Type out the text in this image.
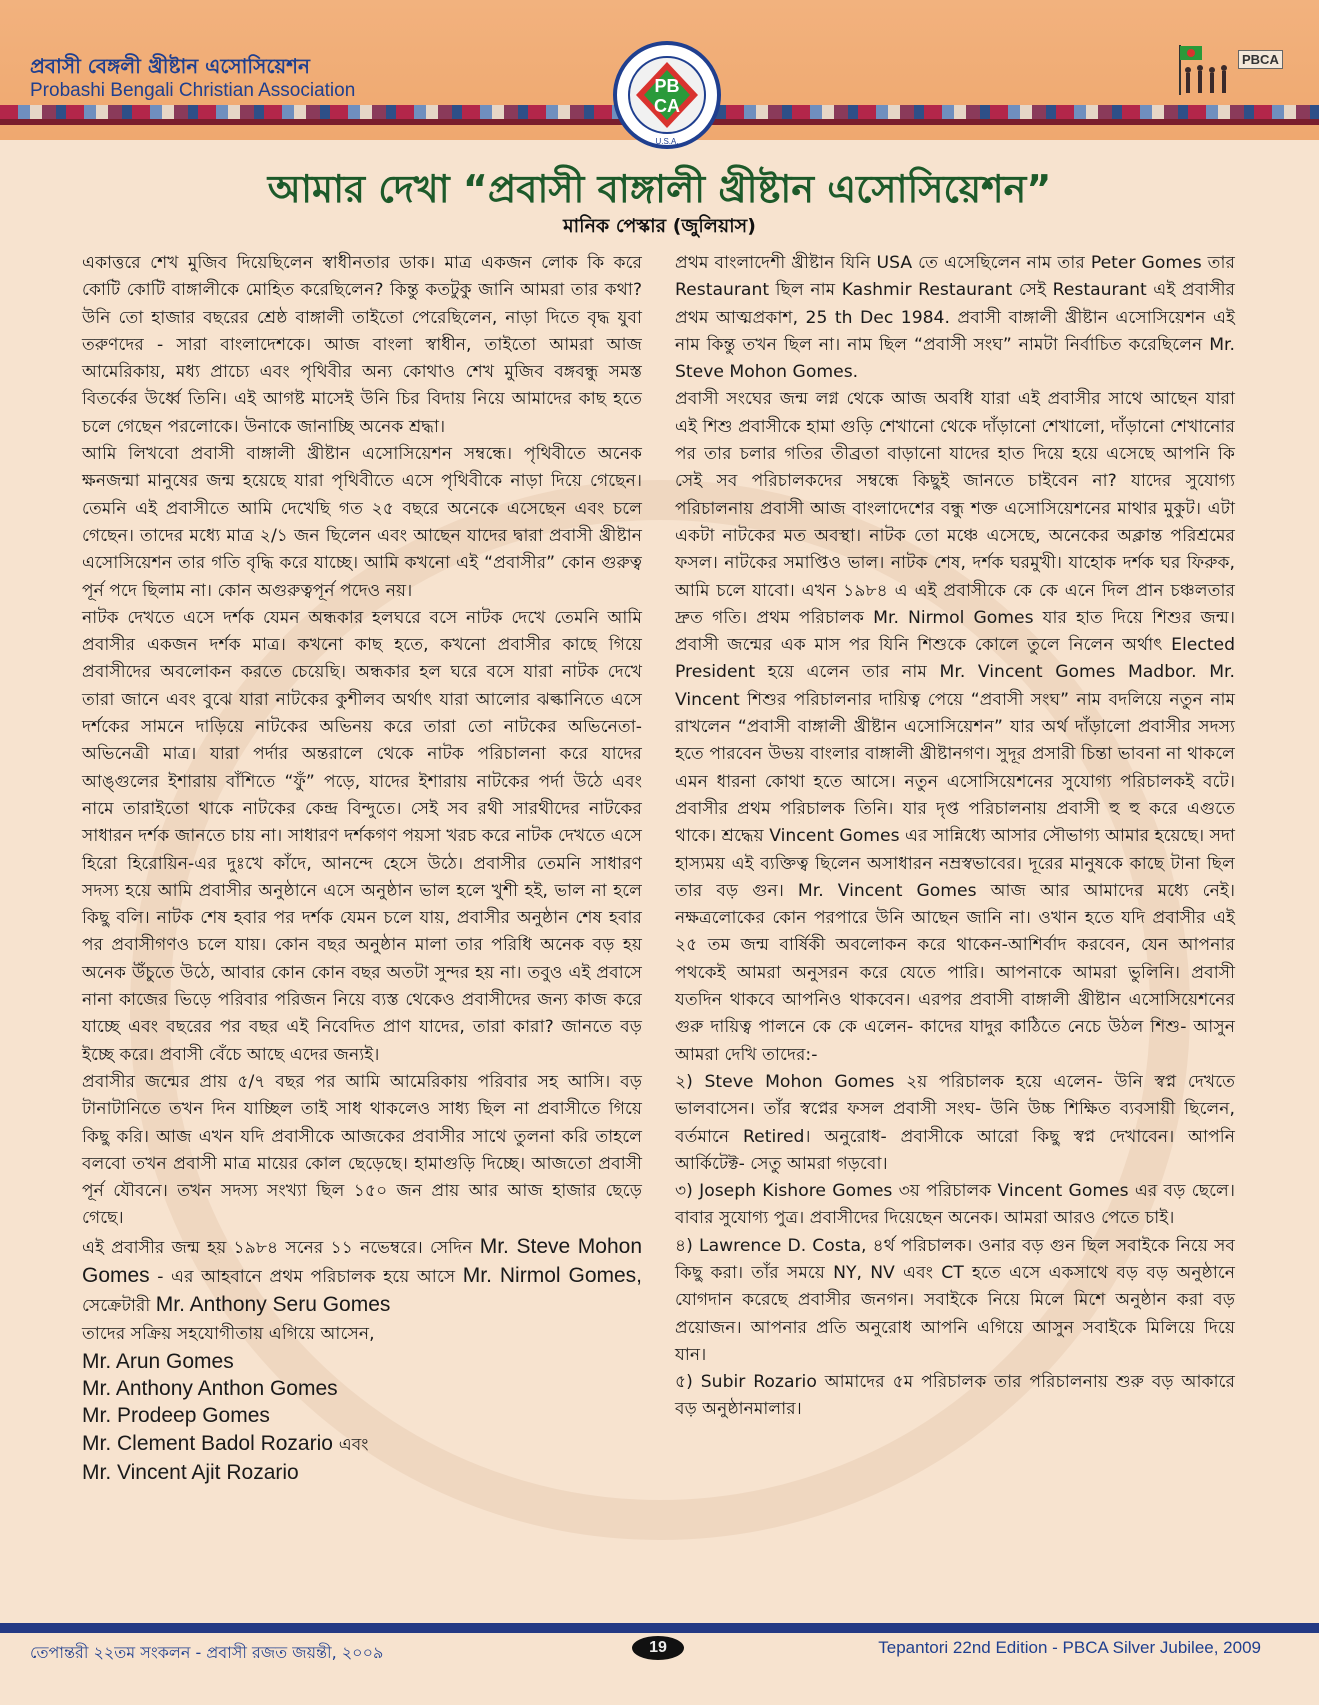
প্রবাসী বেঙ্গলী খ্রীষ্টান এসোসিয়েশন
Probashi Bengali Christian Association	PB
CA
U.S.A.
PBCA
আমার দেখা “প্রবাসী বাঙ্গালী খ্রীষ্টান এসোসিয়েশন”
মানিক পেস্কার (জুলিয়াস)

একাত্তরে শেখ মুজিব দিয়েছিলেন স্বাধীনতার ডাক। মাত্র একজন লোক কি করে কোটি কোটি বাঙ্গালীকে মোহিত করেছিলেন? কিন্তু কতটুকু জানি আমরা তার কথা? উনি তো হাজার বছরের শ্রেষ্ঠ বাঙ্গালী তাইতো পেরেছিলেন, নাড়া দিতে বৃদ্ধ যুবা তরুণদের - সারা বাংলাদেশকে। আজ বাংলা স্বাধীন, তাইতো আমরা আজ আমেরিকায়, মধ্য প্রাচ্যে এবং পৃথিবীর অন্য কোথাও শেখ মুজিব বঙ্গবন্ধু সমস্ত বিতর্কের উর্ধ্বে তিনি। এই আগষ্ট মাসেই উনি চির বিদায় নিয়ে আমাদের কাছ হতে চলে গেছেন পরলোকে। উনাকে জানাচ্ছি অনেক শ্রদ্ধা।

আমি লিখবো প্রবাসী বাঙ্গালী খ্রীষ্টান এসোসিয়েশন সম্বন্ধে। পৃথিবীতে অনেক ক্ষনজন্মা মানুষের জন্ম হয়েছে যারা পৃথিবীতে এসে পৃথিবীকে নাড়া দিয়ে গেছেন। তেমনি এই প্রবাসীতে আমি দেখেছি গত ২৫ বছরে অনেকে এসেছেন এবং চলে গেছেন। তাদের মধ্যে মাত্র ২/১ জন ছিলেন এবং আছেন যাদের দ্বারা প্রবাসী খ্রীষ্টান এসোসিয়েশন তার গতি বৃদ্ধি করে যাচ্ছে। আমি কখনো এই “প্রবাসীর” কোন গুরুত্ব পূর্ন পদে ছিলাম না। কোন অগুরুত্বপূর্ন পদেও নয়।

নাটক দেখতে এসে দর্শক যেমন অন্ধকার হলঘরে বসে নাটক দেখে তেমনি আমি প্রবাসীর একজন দর্শক মাত্র। কখনো কাছ হতে, কখনো প্রবাসীর কাছে গিয়ে প্রবাসীদের অবলোকন করতে চেয়েছি। অন্ধকার হল ঘরে বসে যারা নাটক দেখে তারা জানে এবং বুঝে যারা নাটকের কুশীলব অর্থাৎ যারা আলোর ঝল্কানিতে এসে দর্শকের সামনে দাড়িয়ে নাটকের অভিনয় করে তারা তো নাটকের অভিনেতা-অভিনেত্রী মাত্র। যারা পর্দার অন্তরালে থেকে নাটক পরিচালনা করে যাদের আঙ্গুলের ইশারায় বাঁশিতে “ফুঁ” পড়ে, যাদের ইশারায় নাটকের পর্দা উঠে এবং নামে তারাইতো থাকে নাটকের কেন্দ্র বিন্দুতে। সেই সব রথী সারথীদের নাটকের সাধারন দর্শক জানতে চায় না। সাধারণ দর্শকগণ পয়সা খরচ করে নাটক দেখতে এসে হিরো হিরোয়িন-এর দুঃখে কাঁদে, আনন্দে হেসে উঠে। প্রবাসীর তেমনি সাধারণ সদস্য হয়ে আমি প্রবাসীর অনুষ্ঠানে এসে অনুষ্ঠান ভাল হলে খুশী হই, ভাল না হলে কিছু বলি। নাটক শেষ হবার পর দর্শক যেমন চলে যায়, প্রবাসীর অনুষ্ঠান শেষ হবার পর প্রবাসীগণও চলে যায়। কোন বছর অনুষ্ঠান মালা তার পরিধি অনেক বড় হয় অনেক উঁচুতে উঠে, আবার কোন কোন বছর অতটা সুন্দর হয় না। তবুও এই প্রবাসে নানা কাজের ভিড়ে পরিবার পরিজন নিয়ে ব্যস্ত থেকেও প্রবাসীদের জন্য কাজ করে যাচ্ছে এবং বছরের পর বছর এই নিবেদিত প্রাণ যাদের, তারা কারা? জানতে বড় ইচ্ছে করে। প্রবাসী বেঁচে আছে এদের জন্যই।

প্রবাসীর জন্মের প্রায় ৫/৭ বছর পর আমি আমেরিকায় পরিবার সহ আসি। বড় টানাটানিতে তখন দিন যাচ্ছিল তাই সাধ থাকলেও সাধ্য ছিল না প্রবাসীতে গিয়ে কিছু করি। আজ এখন যদি প্রবাসীকে আজকের প্রবাসীর সাথে তুলনা করি তাহলে বলবো তখন প্রবাসী মাত্র মায়ের কোল ছেড়েছে। হামাগুড়ি দিচ্ছে। আজতো প্রবাসী পূর্ন যৌবনে। তখন সদস্য সংখ্যা ছিল ১৫০ জন প্রায় আর আজ হাজার ছেড়ে গেছে।

এই প্রবাসীর জন্ম হয় ১৯৮৪ সনের ১১ নভেম্বরে। সেদিন Mr. Steve Mohon Gomes - এর আহবানে প্রথম পরিচালক হয়ে আসে Mr. Nirmol Gomes, সেক্রেটারী Mr. Anthony Seru Gomes

তাদের সক্রিয় সহযোগীতায় এগিয়ে আসেন,

Mr. Arun Gomes
Mr. Anthony Anthon Gomes
Mr. Prodeep Gomes
Mr. Clement Badol Rozario এবং
Mr. Vincent Ajit Rozario

প্রথম বাংলাদেশী খ্রীষ্টান যিনি USA তে এসেছিলেন নাম তার Peter Gomes তার Restaurant ছিল নাম Kashmir Restaurant সেই Restaurant এই প্রবাসীর প্রথম আত্মপ্রকাশ, 25 th Dec 1984. প্রবাসী বাঙ্গালী খ্রীষ্টান এসোসিয়েশন এই নাম কিন্তু তখন ছিল না। নাম ছিল “প্রবাসী সংঘ” নামটা নির্বাচিত করেছিলেন Mr. Steve Mohon Gomes.

প্রবাসী সংঘের জন্ম লগ্ন থেকে আজ অবধি যারা এই প্রবাসীর সাথে আছেন যারা এই শিশু প্রবাসীকে হামা গুড়ি শেখানো থেকে দাঁড়ানো শেখালো, দাঁড়ানো শেখানোর পর তার চলার গতির তীব্রতা বাড়ানো যাদের হাত দিয়ে হয়ে এসেছে আপনি কি সেই সব পরিচালকদের সম্বন্ধে কিছুই জানতে চাইবেন না? যাদের সুযোগ্য পরিচালনায় প্রবাসী আজ বাংলাদেশের বন্ধু শক্ত এসোসিয়েশনের মাথার মুকুট। এটা একটা নাটকের মত অবস্থা। নাটক তো মঞ্চে এসেছে, অনেকের অক্লান্ত পরিশ্রমের ফসল। নাটকের সমাপ্তিও ভাল। নাটক শেষ, দর্শক ঘরমুখী। যাহোক দর্শক ঘর ফিরুক, আমি চলে যাবো। এখন ১৯৮৪ এ এই প্রবাসীকে কে কে এনে দিল প্রান চঞ্চলতার দ্রুত গতি। প্রথম পরিচালক Mr. Nirmol Gomes যার হাত দিয়ে শিশুর জন্ম। প্রবাসী জন্মের এক মাস পর যিনি শিশুকে কোলে তুলে নিলেন অর্থাৎ Elected President হয়ে এলেন তার নাম Mr. Vincent Gomes Madbor. Mr. Vincent শিশুর পরিচালনার দায়িত্ব পেয়ে “প্রবাসী সংঘ” নাম বদলিয়ে নতুন নাম রাখলেন “প্রবাসী বাঙ্গালী খ্রীষ্টান এসোসিয়েশন” যার অর্থ দাঁড়ালো প্রবাসীর সদস্য হতে পারবেন উভয় বাংলার বাঙ্গালী খ্রীষ্টানগণ। সুদূর প্রসারী চিন্তা ভাবনা না থাকলে এমন ধারনা কোথা হতে আসে। নতুন এসোসিয়েশনের সুযোগ্য পরিচালকই বটে। প্রবাসীর প্রথম পরিচালক তিনি। যার দৃপ্ত পরিচালনায় প্রবাসী হু হু করে এগুতে থাকে। শ্রদ্ধেয় Vincent Gomes এর সান্নিধ্যে আসার সৌভাগ্য আমার হয়েছে। সদা হাস্যময় এই ব্যক্তিত্ব ছিলেন অসাধারন নম্রস্বভাবের। দূরের মানুষকে কাছে টানা ছিল তার বড় গুন। Mr. Vincent Gomes আজ আর আমাদের মধ্যে নেই। নক্ষত্রলোকের কোন পরপারে উনি আছেন জানি না। ওখান হতে যদি প্রবাসীর এই ২৫ তম জন্ম বার্ষিকী অবলোকন করে থাকেন-আশির্বাদ করবেন, যেন আপনার পথকেই আমরা অনুসরন করে যেতে পারি। আপনাকে আমরা ভুলিনি। প্রবাসী যতদিন থাকবে আপনিও থাকবেন। এরপর প্রবাসী বাঙ্গালী খ্রীষ্টান এসোসিয়েশনের গুরু দায়িত্ব পালনে কে কে এলেন- কাদের যাদুর কাঠিতে নেচে উঠল শিশু- আসুন আমরা দেখি তাদের:-

২) Steve Mohon Gomes ২য় পরিচালক হয়ে এলেন- উনি স্বপ্ন দেখতে ভালবাসেন। তাঁর স্বপ্নের ফসল প্রবাসী সংঘ- উনি উচ্চ শিক্ষিত ব্যবসায়ী ছিলেন, বর্তমানে Retired। অনুরোধ- প্রবাসীকে আরো কিছু স্বপ্ন দেখাবেন। আপনি আর্কিটেক্ট- সেতু আমরা গড়বো।

৩) Joseph Kishore Gomes ৩য় পরিচালক Vincent Gomes এর বড় ছেলে। বাবার সুযোগ্য পুত্র। প্রবাসীদের দিয়েছেন অনেক। আমরা আরও পেতে চাই।

৪) Lawrence D. Costa, ৪র্থ পরিচালক। ওনার বড় গুন ছিল সবাইকে নিয়ে সব কিছু করা। তাঁর সময়ে NY, NV এবং CT হতে এসে একসাথে বড় বড় অনুষ্ঠানে যোগদান করেছে প্রবাসীর জনগন। সবাইকে নিয়ে মিলে মিশে অনুষ্ঠান করা বড় প্রয়োজন। আপনার প্রতি অনুরোধ আপনি এগিয়ে আসুন সবাইকে মিলিয়ে দিয়ে যান।

৫) Subir Rozario আমাদের ৫ম পরিচালক তার পরিচালনায় শুরু বড় আকারে বড় অনুষ্ঠানমালার।

তেপান্তরী ২২তম সংকলন - প্রবাসী রজত জয়ন্তী, ২০০৯	19	Tepantori 22nd Edition - PBCA Silver Jubilee, 2009
